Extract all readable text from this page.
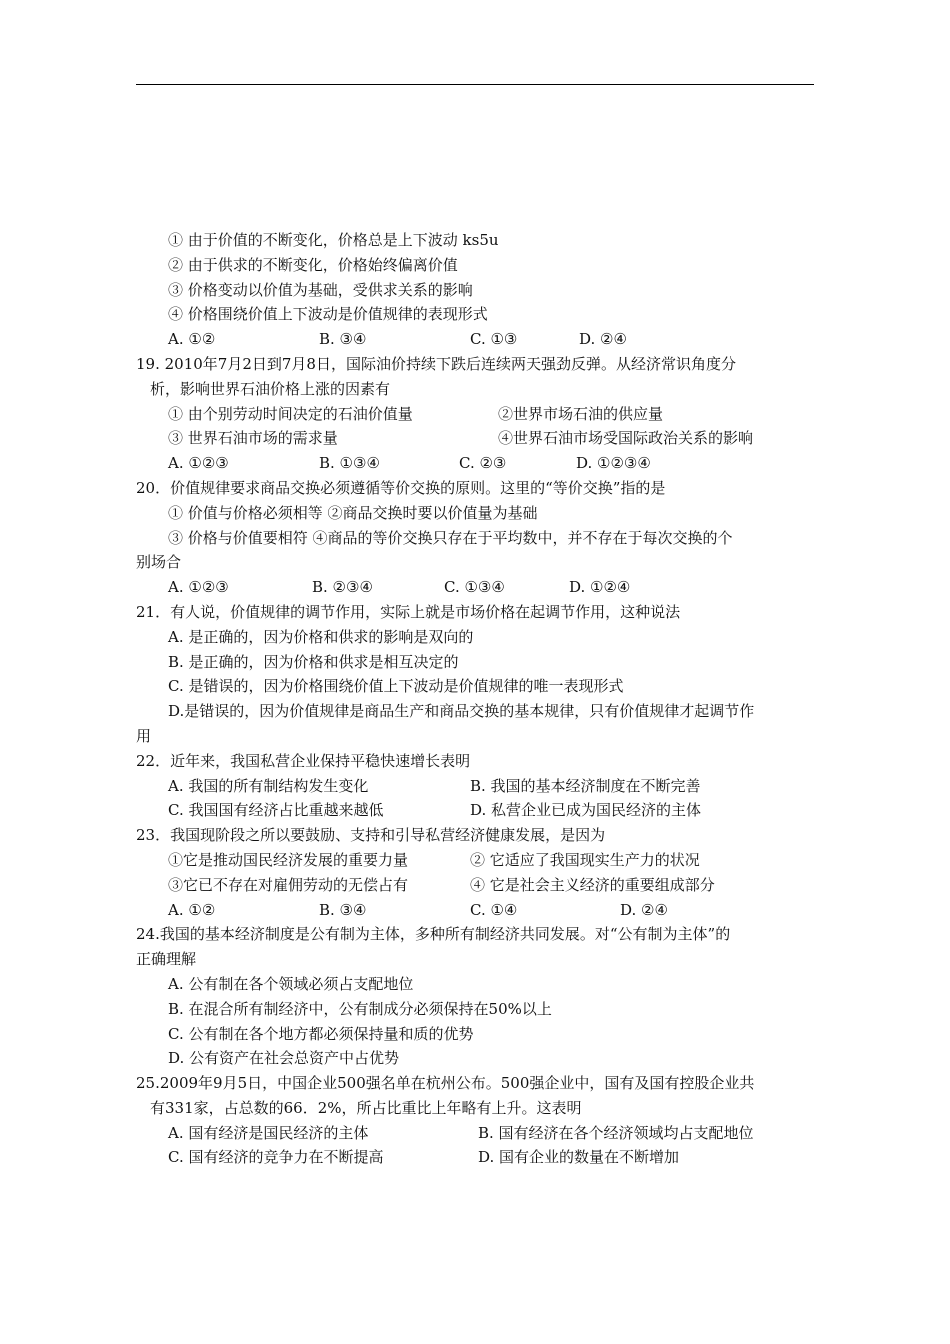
① 由于价值的不断变化，价格总是上下波动 ks5u
② 由于供求的不断变化，价格始终偏离价值
③ 价格变动以价值为基础，受供求关系的影响
④ 价格围绕价值上下波动是价值规律的表现形式
A. ①②	B. ③④	C. ①③	D. ②④
19. 2010年7月2日到7月8日，国际油价持续下跌后连续两天强劲反弹。从经济常识角度分
析，影响世界石油价格上涨的因素有
① 由个别劳动时间决定的石油价值量	②世界市场石油的供应量
③ 世界石油市场的需求量	④世界石油市场受国际政治关系的影响
A. ①②③	B. ①③④	C. ②③	D. ①②③④
20．价值规律要求商品交换必须遵循等价交换的原则。这里的“等价交换”指的是
① 价值与价格必须相等 ②商品交换时要以价值量为基础
③ 价格与价值要相符 ④商品的等价交换只存在于平均数中，并不存在于每次交换的个
别场合
A. ①②③	B. ②③④	C. ①③④	D. ①②④
21．有人说，价值规律的调节作用，实际上就是市场价格在起调节作用，这种说法
A. 是正确的，因为价格和供求的影响是双向的
B. 是正确的，因为价格和供求是相互决定的
C. 是错误的，因为价格围绕价值上下波动是价值规律的唯一表现形式
D.是错误的，因为价值规律是商品生产和商品交换的基本规律，只有价值规律才起调节作
用
22．近年来，我国私营企业保持平稳快速增长表明
A. 我国的所有制结构发生变化	B. 我国的基本经济制度在不断完善
C. 我国国有经济占比重越来越低	D. 私营企业已成为国民经济的主体
23．我国现阶段之所以要鼓励、支持和引导私营经济健康发展，是因为
①它是推动国民经济发展的重要力量	② 它适应了我国现实生产力的状况
③它已不存在对雇佣劳动的无偿占有	④ 它是社会主义经济的重要组成部分
A. ①②	B. ③④	C. ①④	D. ②④
24.我国的基本经济制度是公有制为主体，多种所有制经济共同发展。对“公有制为主体”的
正确理解
A. 公有制在各个领域必须占支配地位
B. 在混合所有制经济中，公有制成分必须保持在50%以上
C. 公有制在各个地方都必须保持量和质的优势
D. 公有资产在社会总资产中占优势
25.2009年9月5日，中国企业500强名单在杭州公布。500强企业中，国有及国有控股企业共
有331家，占总数的66．2%，所占比重比上年略有上升。这表明
A. 国有经济是国民经济的主体	B. 国有经济在各个经济领域均占支配地位
C. 国有经济的竞争力在不断提高	D. 国有企业的数量在不断增加
